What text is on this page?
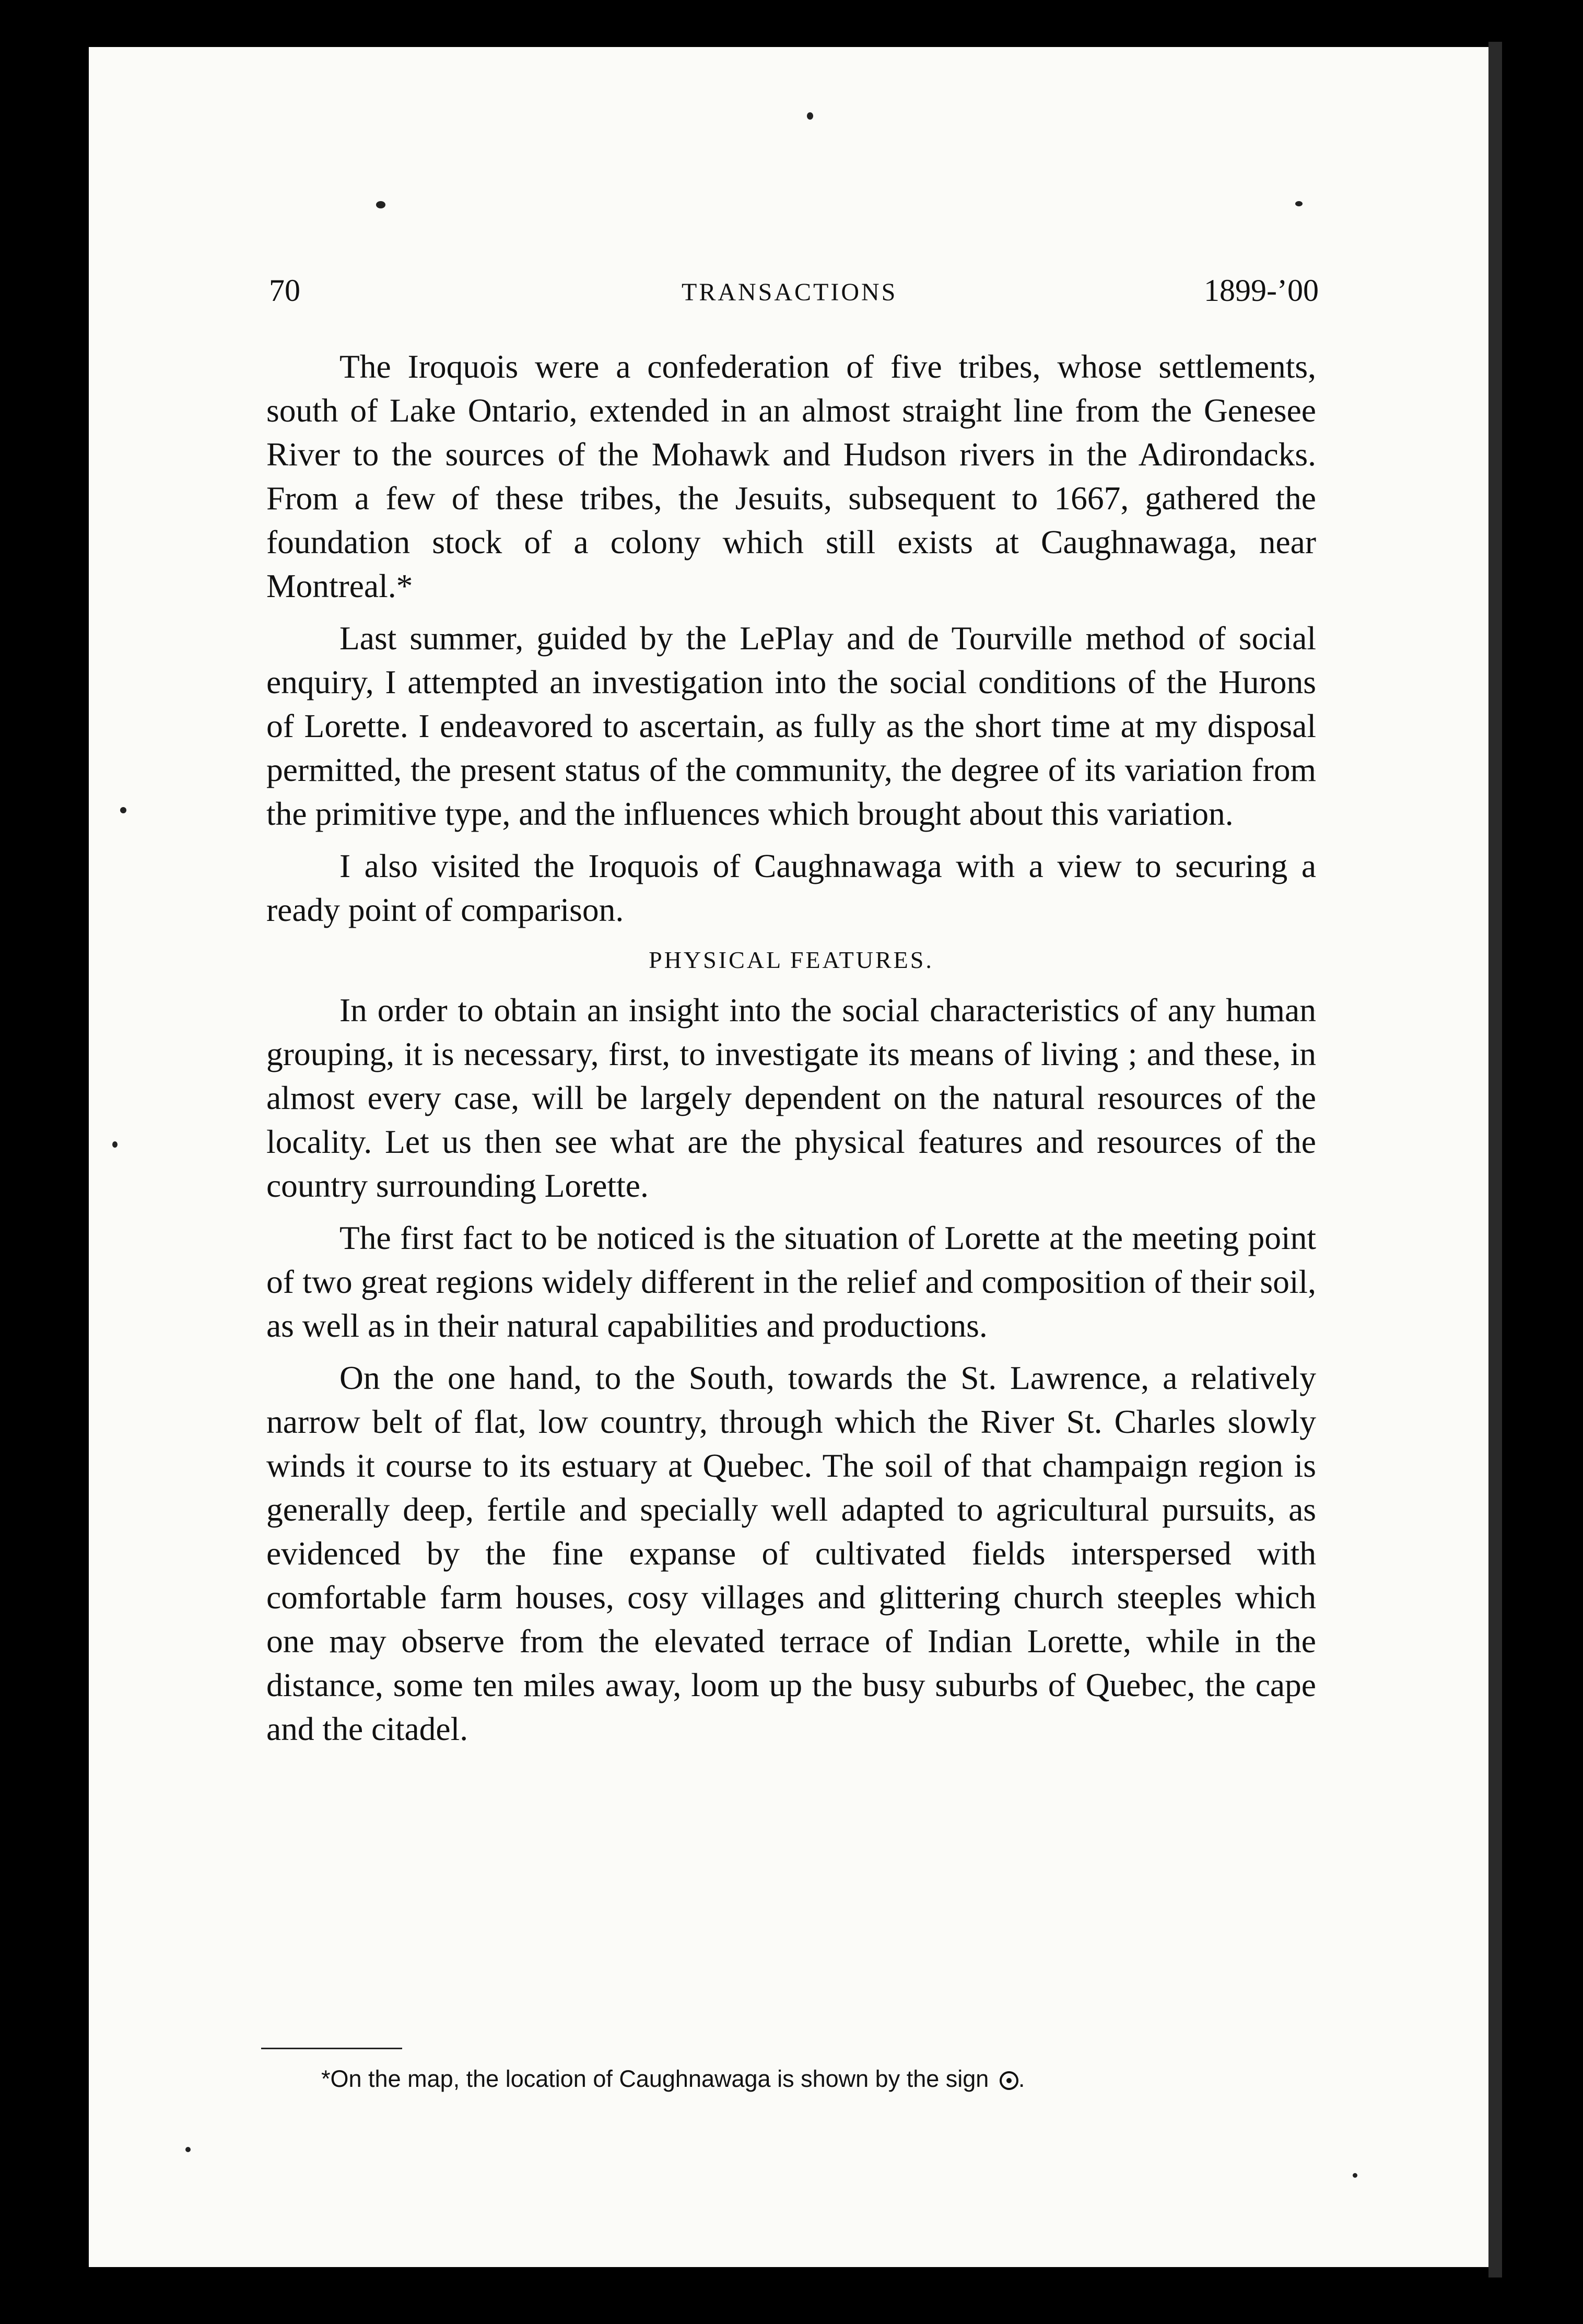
70	TRANSACTIONS	1899-’00

The Iroquois were a confederation of five tribes, whose settlements, south of Lake Ontario, extended in an almost straight line from the Genesee River to the sources of the Mohawk and Hudson rivers in the Adirondacks. From a few of these tribes, the Jesuits, subsequent to 1667, gathered the foundation stock of a colony which still exists at Caughnawaga, near Montreal.*

Last summer, guided by the LePlay and de Tourville method of social enquiry, I attempted an investigation into the social conditions of the Hurons of Lorette. I endeavored to ascertain, as fully as the short time at my disposal permitted, the present status of the community, the degree of its variation from the primitive type, and the influences which brought about this variation.

I also visited the Iroquois of Caughnawaga with a view to securing a ready point of comparison.

PHYSICAL FEATURES.

In order to obtain an insight into the social characteristics of any human grouping, it is necessary, first, to investigate its means of living ; and these, in almost every case, will be largely dependent on the natural resources of the locality. Let us then see what are the physical features and resources of the country surrounding Lorette.

The first fact to be noticed is the situation of Lorette at the meeting point of two great regions widely different in the relief and composition of their soil, as well as in their natural capabilities and productions.

On the one hand, to the South, towards the St. Lawrence, a relatively narrow belt of flat, low country, through which the River St. Charles slowly winds it course to its estuary at Quebec. The soil of that champaign region is generally deep, fertile and specially well adapted to agricultural pursuits, as evidenced by the fine expanse of cultivated fields interspersed with comfortable farm houses, cosy villages and glittering church steeples which one may observe from the elevated terrace of Indian Lorette, while in the distance, some ten miles away, loom up the busy suburbs of Quebec, the cape and the citadel.

*On the map, the location of Caughnawaga is shown by the sign .
